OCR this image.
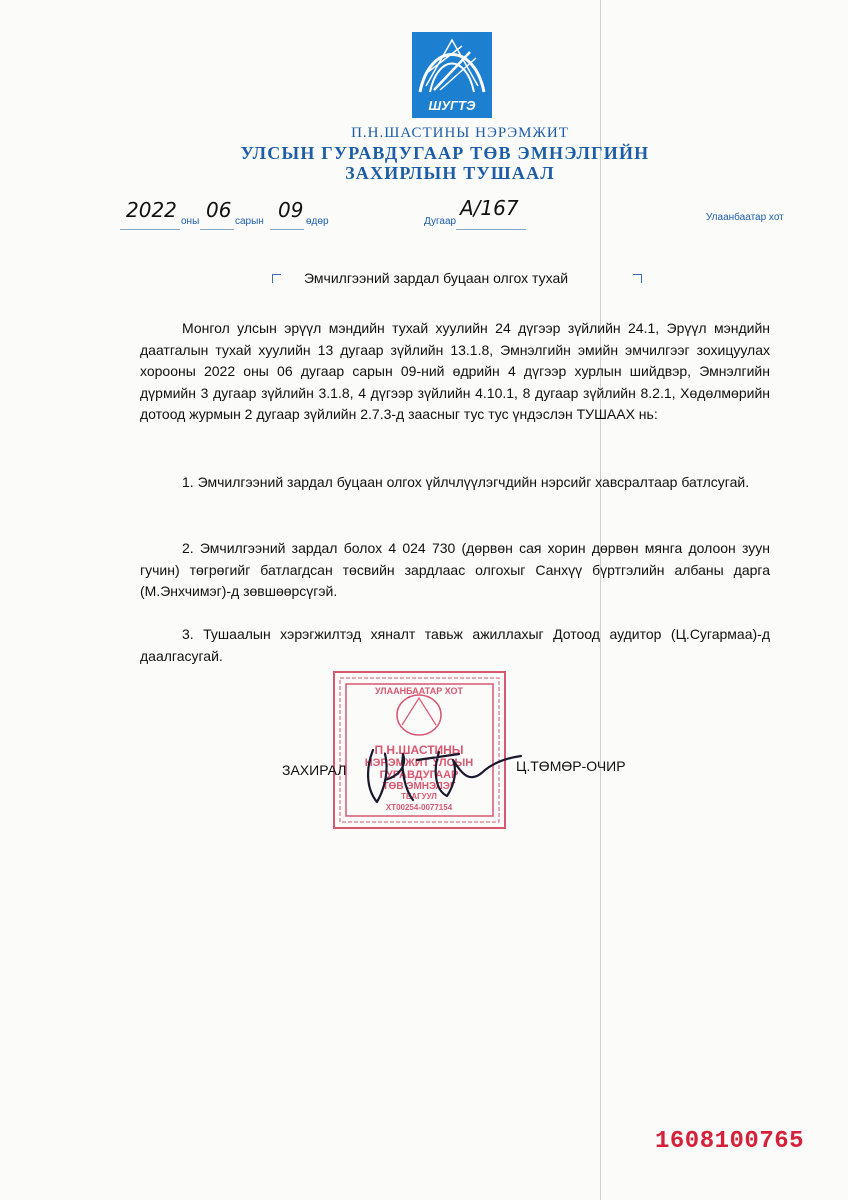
ШУГТЭ
П.Н.ШАСТИНЫ НЭРЭМЖИТ
УЛСЫН ГУРАВДУГААР ТӨВ ЭМНЭЛГИЙН
ЗАХИРЛЫН ТУШААЛ
2022 оны 06 сарын 09 өдөр	Дугаар
А/167	Улаанбаатар хот
Эмчилгээний зардал буцаан олгох тухай
Монгол улсын эрүүл мэндийн тухай хуулийн 24 дүгээр зүйлийн 24.1, Эрүүл мэндийн даатгалын тухай хуулийн 13 дугаар зүйлийн 13.1.8, Эмнэлгийн эмийн эмчилгээг зохицуулах хорооны 2022 оны 06 дугаар сарын 09-ний өдрийн 4 дүгээр хурлын шийдвэр, Эмнэлгийн дүрмийн 3 дугаар зүйлийн 3.1.8, 4 дүгээр зүйлийн 4.10.1, 8 дугаар зүйлийн 8.2.1, Хөдөлмөрийн дотоод журмын 2 дугаар зүйлийн 2.7.3-д заасныг тус тус үндэслэн ТУШААХ нь:
1. Эмчилгээний зардал буцаан олгох үйлчлүүлэгчдийн нэрсийг хавсралтаар батлсугай.
2. Эмчилгээний зардал болох 4 024 730 (дөрвөн сая хорин дөрвөн мянга долоон зуун гучин) төгрөгийг батлагдсан төсвийн зардлаас олгохыг Санхүү бүртгэлийн албаны дарга (М.Энхчимэг)-д зөвшөөрсүгэй.
3. Тушаалын хэрэгжилтэд хяналт тавьж ажиллахыг Дотоод аудитор (Ц.Сугармаа)-д даалгасугай.
УЛААНБААТАР ХОТ
П.Н.ШАСТИНЫ
НЭРЭМЖИТ УЛСЫН
ГУРАВДУГААР
ТӨВ ЭМНЭЛЭГ
ТЕАГУУЛ
ХТ00254-0077154
ЗАХИРАЛ	Ц.ТӨМӨР-ОЧИР
1608100765
